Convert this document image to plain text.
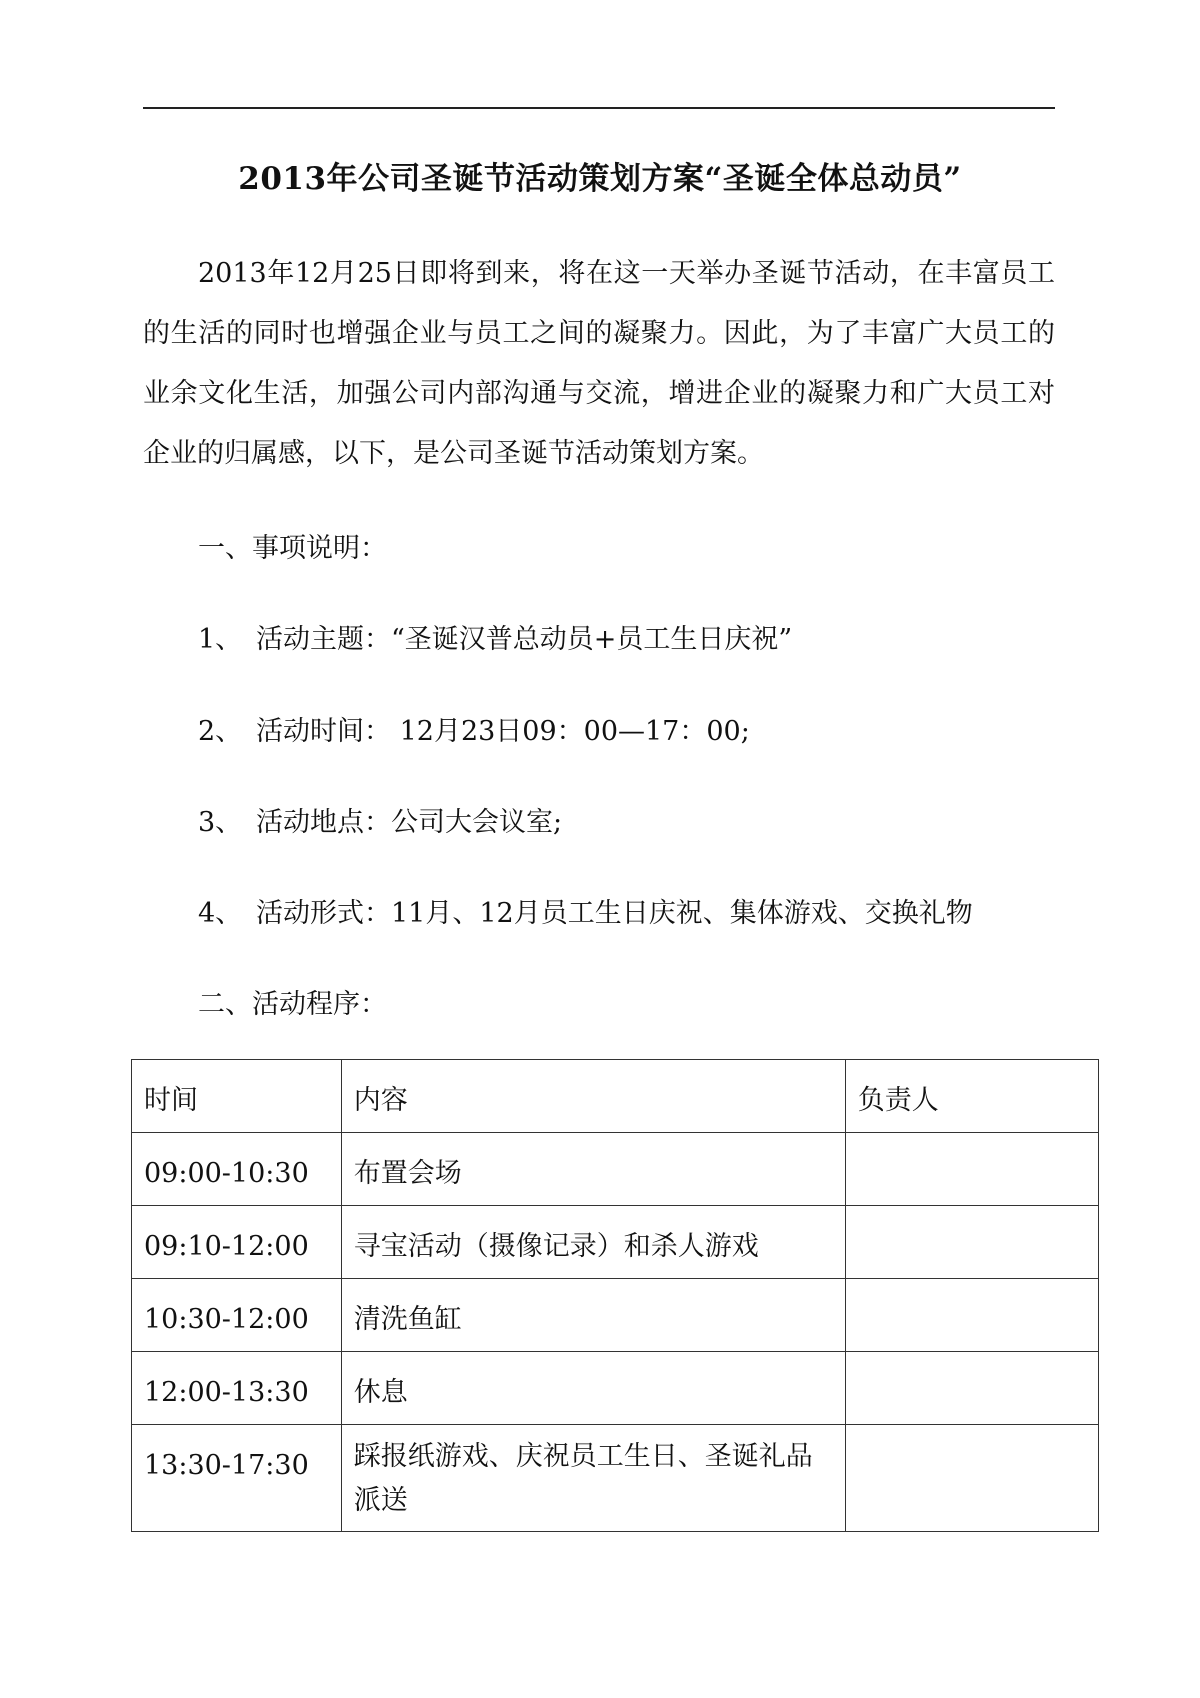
2013年公司圣诞节活动策划方案“圣诞全体总动员”
2013年12月25日即将到来，将在这一天举办圣诞节活动，在丰富员工的生活的同时也增强企业与员工之间的凝聚力。因此，为了丰富广大员工的业余文化生活，加强公司内部沟通与交流，增进企业的凝聚力和广大员工对企业的归属感，以下，是公司圣诞节活动策划方案。
一、事项说明：
1、 活动主题：“圣诞汉普总动员+员工生日庆祝”
2、 活动时间： 12月23日09：00—17：00;
3、 活动地点：公司大会议室;
4、 活动形式：11月、12月员工生日庆祝、集体游戏、交换礼物
二、活动程序：
时间	内容	负责人
09:00-10:30	布置会场	
09:10-12:00	寻宝活动（摄像记录）和杀人游戏	
10:30-12:00	清洗鱼缸	
12:00-13:30	休息	
13:30-17:30	踩报纸游戏、庆祝员工生日、圣诞礼品派送	
